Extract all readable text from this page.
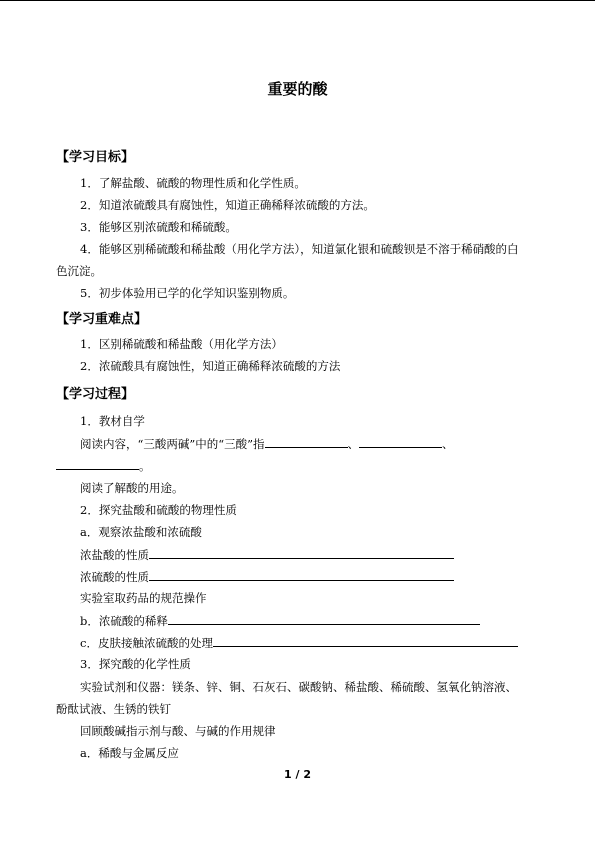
重要的酸
【学习目标】
1．了解盐酸、硫酸的物理性质和化学性质。
2．知道浓硫酸具有腐蚀性，知道正确稀释浓硫酸的方法。
3．能够区别浓硫酸和稀硫酸。
4．能够区别稀硫酸和稀盐酸（用化学方法），知道氯化银和硫酸钡是不溶于稀硝酸的白
色沉淀。
5．初步体验用已学的化学知识鉴别物质。
【学习重难点】
1．区别稀硫酸和稀盐酸（用化学方法）
2．浓硫酸具有腐蚀性，知道正确稀释浓硫酸的方法
【学习过程】
1．教材自学
阅读内容，“三酸两碱”中的“三酸”指	、	、
。
阅读了解酸的用途。
2．探究盐酸和硫酸的物理性质
a．观察浓盐酸和浓硫酸
浓盐酸的性质
浓硫酸的性质
实验室取药品的规范操作
b．浓硫酸的稀释
c．皮肤接触浓硫酸的处理
3．探究酸的化学性质
实验试剂和仪器：镁条、锌、铜、石灰石、碳酸钠、稀盐酸、稀硫酸、氢氧化钠溶液、
酚酞试液、生锈的铁钉
回顾酸碱指示剂与酸、与碱的作用规律
a．稀酸与金属反应
1 / 2
